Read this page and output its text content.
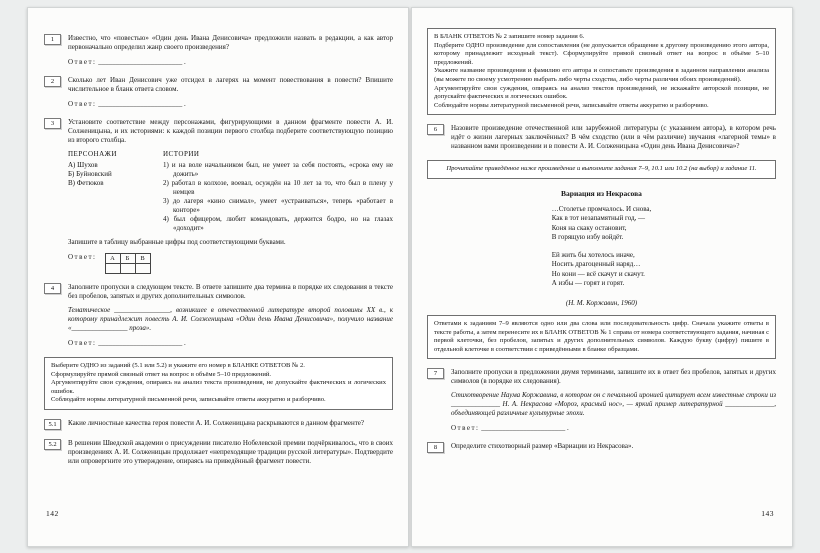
1	Известно, что «повестью» «Один день Ивана Денисовича» предложили назвать в редакции, а как автор первоначально определил жанр своего произведения?

Ответ: ________________________ .

2	Сколько лет Иван Денисович уже отсидел в лагерях на момент повествования в повести? Впишите числительное в бланк ответа словом.

Ответ: ________________________ .

3	Установите соответствие между персонажами, фигурирующими в данном фрагменте повести А. И. Солженицына, и их историями: к каждой позиции первого столбца подберите соответствующую позицию из второго столбца.

ПЕРСОНАЖИ

А) Шухов

Б) Буйновский

В) Фетюков

ИСТОРИИ

1) и на воле начальником был, не умеет за себя постоять, «срока ему не дожить»

2) работал в колхозе, воевал, осуждён на 10 лет за то, что был в плену у немцев

3) до лагеря «кино снимал», умеет «устраиваться», теперь «работает в конторе»

4) был офицером, любит командовать, держится бодро, но на глазах «доходит»

Запишите в таблицу выбранные цифры под соответствующими буквами.

Ответ: А	Б	В

4	Заполните пропуски в следующем тексте. В ответе запишите два термина в порядке их следования в тексте без пробелов, запятых и других дополнительных символов.

Тематическое ________________, возникшее в отечественной литературе второй половины XX в., к которому принадлежит повесть А. И. Солженицына «Один день Ивана Денисовича», получило название «________________ проза».

Ответ: ________________________ .

Выберите ОДНО из заданий (5.1 или 5.2) и укажите его номер в БЛАНКЕ ОТВЕТОВ № 2.

Сформулируйте прямой связный ответ на вопрос в объёме 5–10 предложений.

Аргументируйте свои суждения, опираясь на анализ текста произведения, не допускайте фактических и логических ошибок.

Соблюдайте нормы литературной письменной речи, записывайте ответы аккуратно и разборчиво.

5.1	Какие личностные качества героя повести А. И. Солженицына раскрываются в данном фрагменте?

5.2	В решении Шведской академии о присуждении писателю Нобелевской премии подчёркивалось, что в своих произведениях А. И. Солженицын продолжает «непреходящие традиции русской литературы». Подтвердите или опровергните это утверждение, опираясь на приведённый фрагмент повести.

142

В БЛАНК ОТВЕТОВ № 2 запишите номер задания 6.

Подберите ОДНО произведение для сопоставления (не допускается обращение к другому произведению этого автора, которому принадлежит исходный текст). Сформулируйте прямой связный ответ на вопрос в объёме 5–10 предложений.

Укажите название произведения и фамилию его автора и сопоставьте произведения в заданном направлении анализа (вы можете по своему усмотрению выбрать либо черты сходства, либо черты различия обоих произведений).

Аргументируйте свои суждения, опираясь на анализ текстов произведений, не искажайте авторской позиции, не допускайте фактических и логических ошибок.

Соблюдайте нормы литературной письменной речи, записывайте ответы аккуратно и разборчиво.

6	Назовите произведение отечественной или зарубежной литературы (с указанием автора), в котором речь идёт о жизни лагерных заключённых? В чём сходство (или в чём различие) звучания «лагерной темы» в названном вами произведении и в повести А. И. Солженицына «Один день Ивана Денисовича»?

Прочитайте приведённое ниже произведение и выполните задания 7–9, 10.1 или 10.2 (на выбор) и задание 11.

Вариация из Некрасова

…Столетье промчалось. И снова,

Как в тот незапамятный год, —

Коня на скаку остановит,

В горящую избу войдёт.

Ей жить бы хотелось иначе,

Носить драгоценный наряд…

Но кони — всё скачут и скачут.

А избы — горят и горят.

(Н. М. Коржавин, 1960)

Ответами к заданиям 7–9 являются одно или два слова или последовательность цифр. Сначала укажите ответы в тексте работы, а затем перенесите их в БЛАНК ОТВЕТОВ № 1 справа от номера соответствующего задания, начиная с первой клеточки, без пробелов, запятых и других дополнительных символов. Каждую букву (цифру) пишите в отдельной клеточке в соответствии с приведёнными в бланке образцами.

7	Заполните пропуски в предложении двумя терминами, запишите их в ответ без пробелов, запятых и других символов (в порядке их следования).

Стихотворение Наума Коржавина, в котором он с печальной иронией цитирует всем известные строки из ______________ Н. А. Некрасова «Мороз, красный нос», — яркий пример литературной ______________, объединяющей различные культурные эпохи.

Ответ: ________________________ .

8	Определите стихотворный размер «Вариации из Некрасова».

143
